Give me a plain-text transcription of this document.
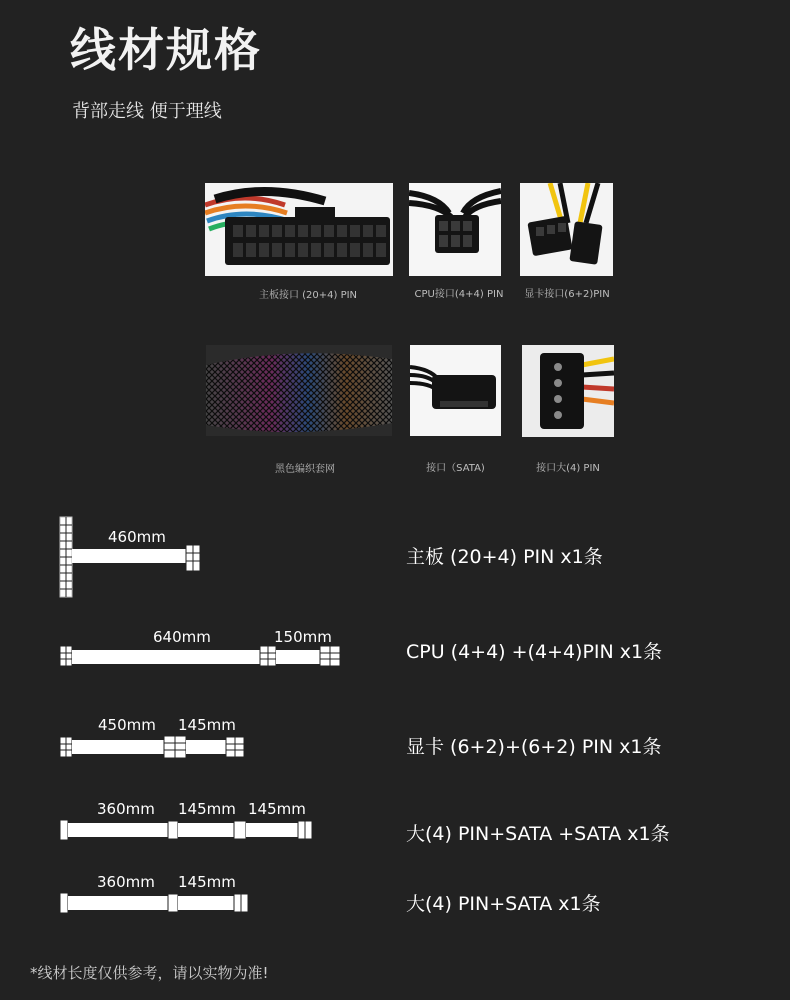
线材规格
背部走线 便于理线
主板接口 (20+4) PIN	CPU接口(4+4) PIN	显卡接口(6+2)PIN
黑色编织套网	接口（SATA)	接口大(4) PIN
460mm
主板 (20+4) PIN x1条
640mm	150mm
CPU (4+4) +(4+4)PIN x1条
450mm 145mm
显卡 (6+2)+(6+2) PIN x1条
360mm 145mm 145mm
大(4) PIN+SATA +SATA x1条
360mm 145mm
大(4) PIN+SATA x1条
*线材长度仅供参考，请以实物为准!
